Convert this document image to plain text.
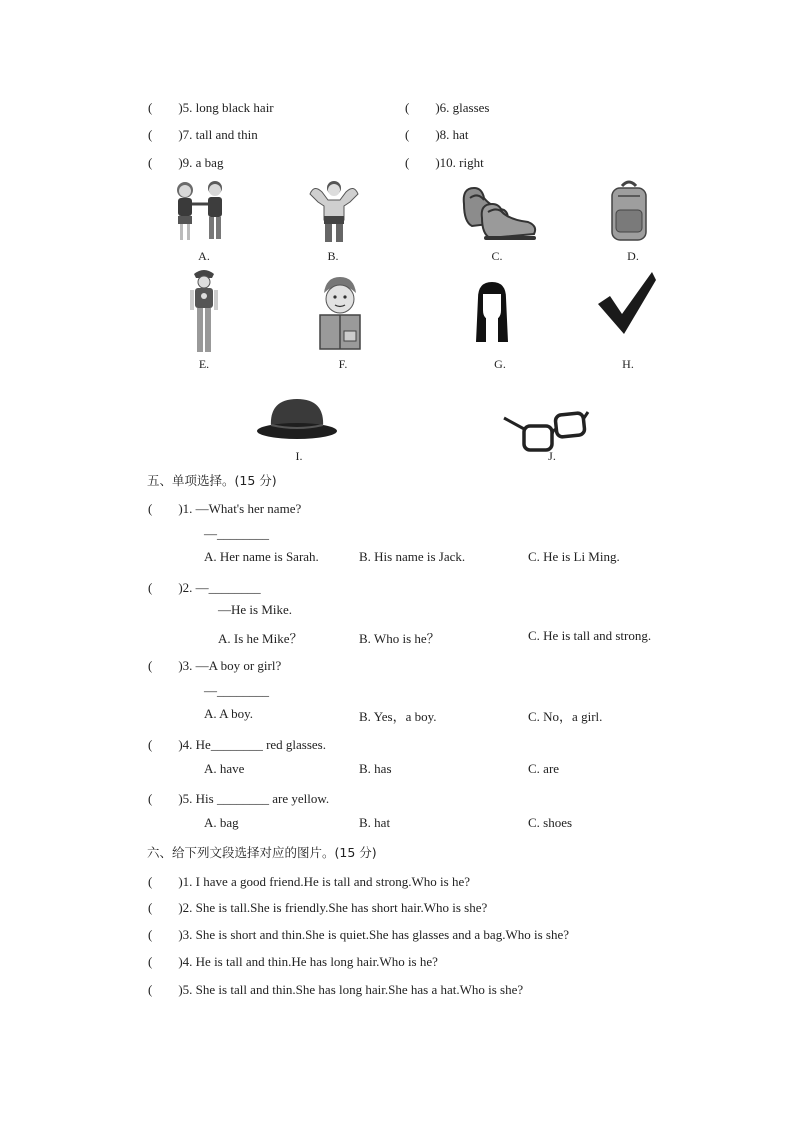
(　　)5. long black hair	(　　)6. glasses
(　　)7. tall and thin	(　　)8. hat
(　　)9. a bag	(　　)10. right
A.	B.	C.	D.
E.	F.	G.	H.
I.	J.
五、单项选择。(15 分)
(　　)1. —What's her name?
—________
A. Her name is Sarah.	B. His name is Jack.	C. He is Li Ming.
(　　)2. —________
—He is Mike.
A. Is he Mike？	B. Who is he？	C. He is tall and strong.
(　　)3. —A boy or girl?
—________
A. A boy.	B. Yes，a boy.	C. No，a girl.
(　　)4. He________ red glasses.
A. have	B. has	C. are
(　　)5. His ________ are yellow.
A. bag	B. hat	C. shoes
六、给下列文段选择对应的图片。(15 分)
(　　)1. I have a good friend.He is tall and strong.Who is he?
(　　)2. She is tall.She is friendly.She has short hair.Who is she?
(　　)3. She is short and thin.She is quiet.She has glasses and a bag.Who is she?
(　　)4. He is tall and thin.He has long hair.Who is he?
(　　)5. She is tall and thin.She has long hair.She has a hat.Who is she?
